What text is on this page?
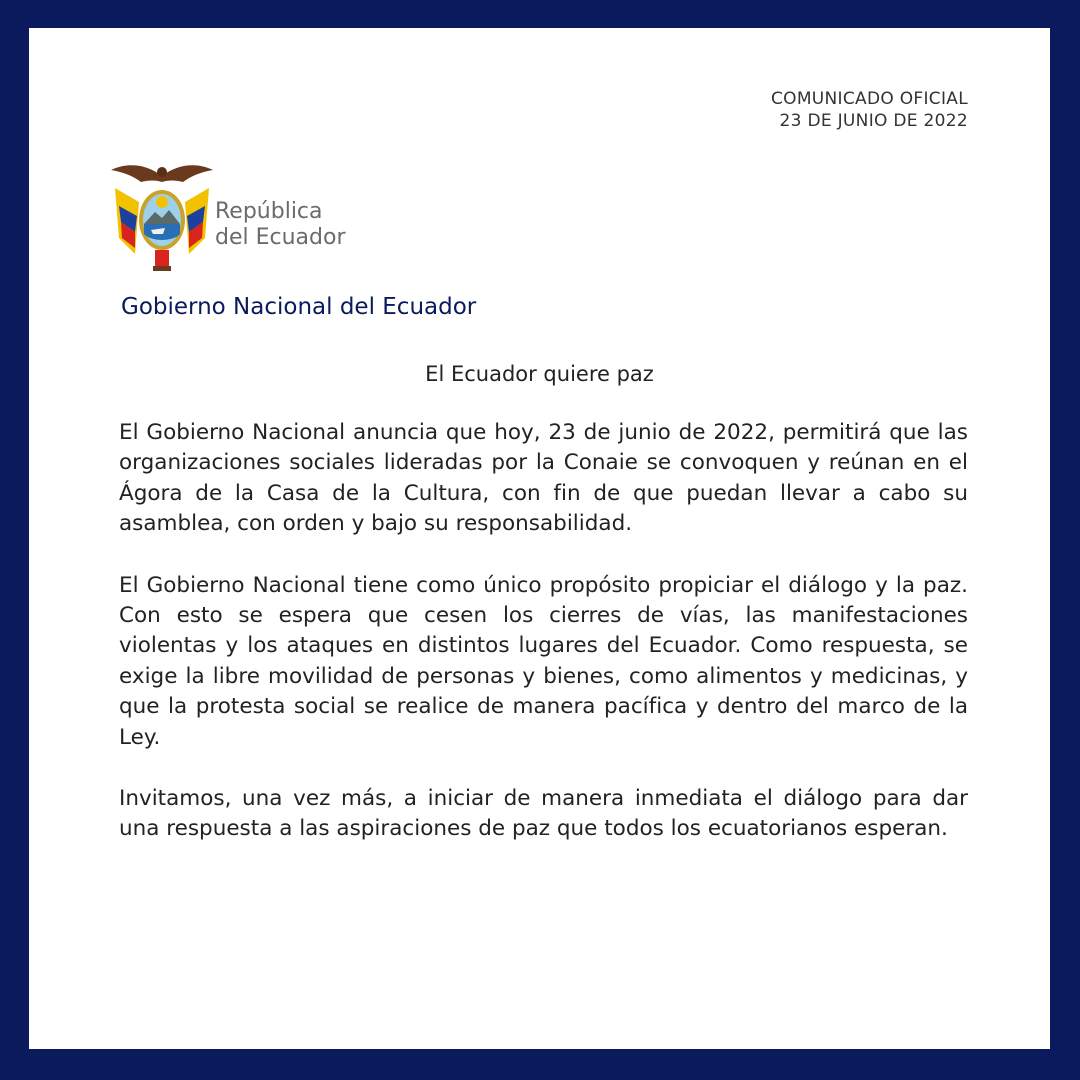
COMUNICADO OFICIAL
23 DE JUNIO DE 2022
República
del Ecuador
Gobierno Nacional del Ecuador
El Ecuador quiere paz

El Gobierno Nacional anuncia que hoy, 23 de junio de 2022, permitirá que las organizaciones sociales lideradas por la Conaie se convoquen y reúnan en el Ágora de la Casa de la Cultura, con fin de que puedan llevar a cabo su asamblea, con orden y bajo su responsabilidad.

El Gobierno Nacional tiene como único propósito propiciar el diálogo y la paz. Con esto se espera que cesen los cierres de vías, las manifestaciones violentas y los ataques en distintos lugares del Ecuador. Como respuesta, se exige la libre movilidad de personas y bienes, como alimentos y medicinas, y que la protesta social se realice de manera pacífica y dentro del marco de la Ley.

Invitamos, una vez más, a iniciar de manera inmediata el diálogo para dar una respuesta a las aspiraciones de paz que todos los ecuatorianos esperan.
